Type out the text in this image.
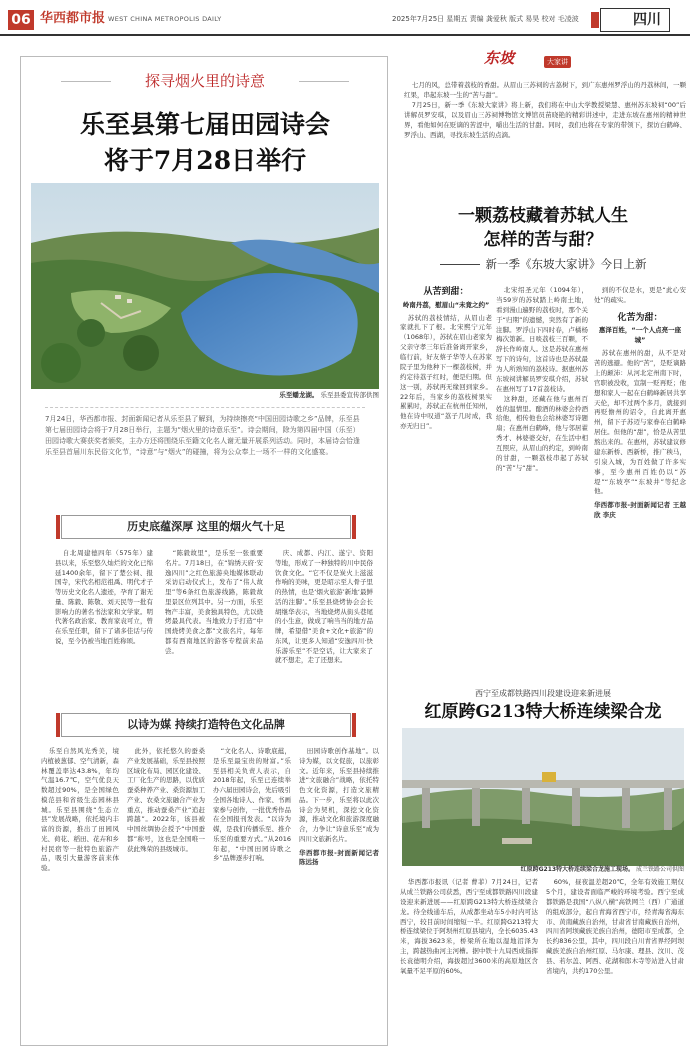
06 华西都市报 WEST CHINA METROPOLIS DAILY	2025年7月25日 星期五 责编 龚爱秋 版式 易昊 校对 毛凌波	四川
探寻烟火里的诗意
乐至县第七届田园诗会
将于7月28日举行
乐至蟠龙湖。 乐至县委宣传部供图
7月24日，华西都市报、封面新闻记者从乐至县了解到，为持续擦亮“中国田园诗歌之乡”品牌，乐至县第七届田园诗会将于7月28日举行，主题为“烟火里的诗意乐至”。诗会期间，除为第四届中国（乐至）田园诗歌大赛获奖者颁奖，主办方还将围绕乐至籍文化名人谢无量开展系列活动。同时，本届诗会恰逢乐至县首届川东民俗文化节，“诗意”与“烟火”的碰撞，将为公众奉上一场不一样的文化盛宴。
历史底蕴深厚 这里的烟火气十足

自北周建德四年（575年）建县以来，乐至悠久灿烂的文化已绵延1400余年，留下了楚公祠、报国寺，宋代名相范祖禹、明代才子等历史文化名人遗迹，孕育了谢无量、陈毅、陈敬、刘天民等一批有影响力的著名书法家和文学家。明代著名政治家、教育家袁可立，曾在乐至任职，留下了诸多佳话与传说，至今仍被当地百姓称颂。

“陈毅故里”，是乐至一张重要名片。7月18日，在“锦绣天府·安逸四川”之红色旅游央地媒体联动采访启动仪式上，发布了“伟人故里”等6条红色旅游线路，陈毅故里景区位列其中。另一方面，乐至物产丰富，美食独具特色，尤以烧烤最具代表。当地致力于打造“中国烧烤美食之都”文旅名片，每年都有西南地区的游客专程前来品尝。

庆、成都、内江、遂宁、资阳等地，形成了一种独特的川中民俗饮食文化。“它不仅是炭火上滋滋作响的美味，更是昭示至人骨子里的热情，也是‘烟火旅游’新地‘最鲜活的注脚’。”乐至县烧烤协会会长胡继华表示，当地烧烤从街头巷尾的小生意，做成了响当当的地方品牌，希望借“美食+文化+旅游”的东风，让更多人知道“安逸四川·快乐游乐至”不是空话，让大家来了就不想走，走了还想来。

以诗为媒 持续打造特色文化品牌

乐至自然风光秀美，境内植被葱郁、空气清新，森林覆盖率达43.8%，年均气温16.7℃，空气优良天数超过90%，是全国绿色模范县和省级生态园林县城。乐至县围绕“生态立县”发展战略，依托境内丰富的资源，推出了田园风光、荷花、稻田、花卉和乡村民宿等一批特色旅游产品，吸引大量游客前来体验。

此外，依托悠久的蚕桑产业发展基础，乐至县按照区域化布局、园区化建设、工厂化生产的思路，以优质蚕桑种养产业、桑资源加工产业、农桑文旅融合产业为重点，推动蚕桑产业“追赶跨越”。2022年，该县被中国丝绸协会授予“中国蚕都”称号，这也是全国唯一获此殊荣的县级城市。

“文化名人、诗歌底蕴，是乐至最宝贵的财富。”乐至县相关负责人表示，自2018年起，乐至已连续举办六届田园诗会，先后吸引全国各地诗人、作家、书画家参与创作，一批优秀作品在全国报刊发表。“以诗为媒，是我们传播乐至、推介乐至的重要方式。”从2016年起，“中国田园诗歌之乡”品牌逐步打响。

田园诗歌创作基地”。以诗为媒，以文促旅，以旅彰文。近年来，乐至县持续推进“文旅融合”战略，依托特色文化资源，打造文旅精品。下一步，乐至将以此次诗会为契机，深挖文化资源，推动文化和旅游深度融合，力争让“诗意乐至”成为四川文旅新名片。

华西都市报-封面新闻记者 陈远扬
东坡	大家讲

七月的风，总带着荔枝的香甜。从眉山三苏祠的古荔树下，到广东惠州罗浮山的丹荔林间，一颗红果，串起东坡一生的“苦与甜”。

7月25日，新一季《东坡大家讲》将上新，我们将在中山大学教授梁慧、惠州苏东坡祠“00”后讲解员罗安琪，以及眉山三苏祠博物馆文博馆员苗晓艳的精彩讲述中，走进东坡在惠州的精神世界，看他如何在贬谪的苦涩中，嚼出生活的甘甜。同时，我们也将在专家的带领下，探访白鹤峰、罗浮山、西湖，寻找东坡生活的点滴。

一颗荔枝藏着苏轼人生
怎样的苦与甜？
新一季《东坡大家讲》今日上新
从苦到甜：
岭南丹荔，慰眉山“未竟之约”

苏轼的荔枝情结，从眉山老家就扎下了根。北宋熙宁元年（1068年），苏轼在眉山老家为父亲守孝三年后准备离开家乡，临行前，好友蔡子华等人在苏家院子里为他种下一棵荔枝树，并约定待荔子红时，便是归期。但这一别，苏轼再无缘回到家乡。22年后，当家乡的荔枝树果实累累时，苏轼正在杭州任知州，他在诗中叹道“荔子几时成，我亦无归日”。

北宋绍圣元年（1094年），当59岁的苏轼踏上岭南土地，看到漫山遍野的荔枝时，那个关于“归期”的遗憾，突然有了新的注脚。罗浮山下四时春，卢橘杨梅次第新。日啖荔枝三百颗，不辞长作岭南人。这是苏轼在惠州写下的诗句，这首诗也是苏轼最为人所熟知的荔枝诗。据惠州苏东坡祠讲解员罗安琪介绍，苏轼在惠州写了17首荔枝诗。

这种甜，还藏在他与惠州百姓的温情里。酿酒的林婆会拎酒给他，相传他也会给林婆写诗题扇；在惠州白鹤峰，他与邻居翟秀才、林婆婆交好，在生活中相互照应，从眉山的约定，到岭南的甘甜，一颗荔枝串起了苏轼的“苦”与“甜”。

到的不仅是水，更是“此心安处”的疏实。

化苦为甜：
惠泽百姓，“一个人点亮一座城”

苏轼在惠州的甜，从不是对苦的逃避。他的“苦”，是贬谪路上的颠沛：从河北定州南下时，官职被没收，宣制一贬再贬；他想和家人一起在白鹤峰新居共享天伦，却不过两个多月，就接到再贬儋州的诏令，自此离开惠州，留下子苏迈与家眷在白鹤峰居住。但他的“甜”，恰是从苦里熬出来的。在惠州，苏轼建议修建东新桥、西新桥，推广秧马，引泉入城，为百姓做了许多实事，至今惠州百姓仍以“苏堤”“东坡亭”“东坡井”等纪念他。

华西都市报-封面新闻记者 王越欣 李庆
西宁至成都铁路四川段建设迎来新进展
红原跨G213特大桥连续梁合龙
红原跨G213特大桥连续梁合龙施工现场。 成兰铁路公司供图

华西都市报讯（记者 曹菲）7月24日，记者从成兰铁路公司获悉，西宁至成都铁路四川段建设迎来新进展——红原跨G213特大桥连续梁合龙。待全线通车后，从成都坐动车5小时内可达西宁，较目前时间缩短一半。红原跨G213特大桥连续梁位于阿坝州红原县境内，全长6035.43米，海拔3623米，桥梁所在地以湿地沼泽为主，跨越热曲河主河槽。据中铁十九局西成指挥长袁德明介绍，海拔超过3600米的高原地区含氧量不足平原的60%。

60%，昼夜温差超20℃，全年有效施工期仅5个月，建设者面临严峻的环境考验。西宁至成都铁路是我国“八纵八横”高铁网兰（西）广通道的组成部分，起自青海省西宁市，经青海省海东市、黄南藏族自治州，甘肃省甘南藏族自治州，四川省阿坝藏族羌族自治州，德阳市至成都，全长约836公里，其中，四川段自川青省界经阿坝藏族羌族自治州红原、马尔康、理县、汶川、茂县、若尔盖、阿西、花湖和郎木寺等站进入甘肃省境内，共约170公里。
